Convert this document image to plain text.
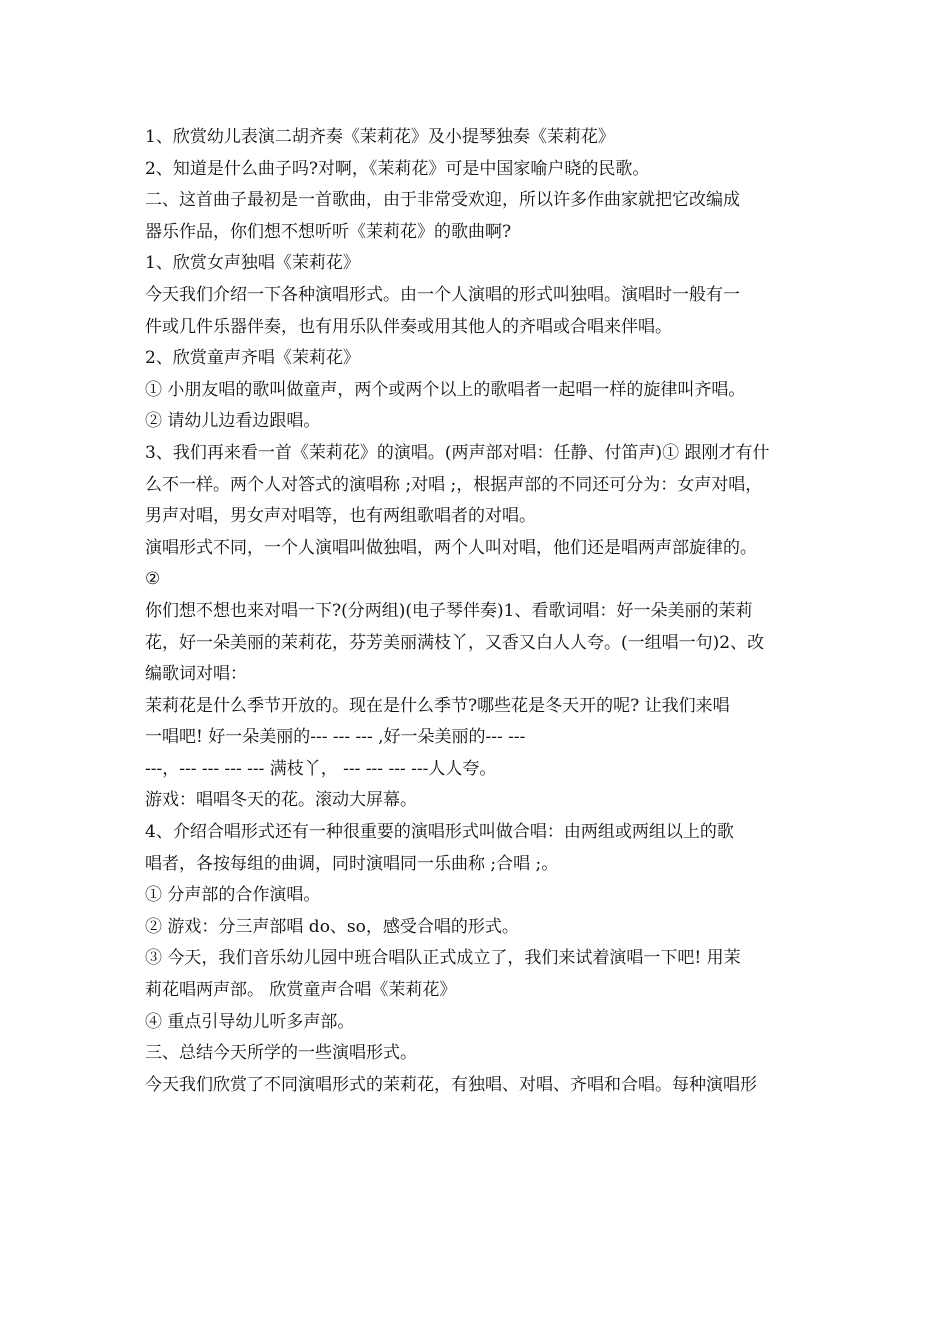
1、欣赏幼儿表演二胡齐奏《茉莉花》及小提琴独奏《茉莉花》
2、知道是什么曲子吗?对啊，《茉莉花》可是中国家喻户晓的民歌。
二、这首曲子最初是一首歌曲，由于非常受欢迎，所以许多作曲家就把它改编成
器乐作品，你们想不想听听《茉莉花》的歌曲啊?
1、欣赏女声独唱《茉莉花》
今天我们介绍一下各种演唱形式。由一个人演唱的形式叫独唱。演唱时一般有一
件或几件乐器伴奏，也有用乐队伴奏或用其他人的齐唱或合唱来伴唱。
2、欣赏童声齐唱《茉莉花》
① 小朋友唱的歌叫做童声，两个或两个以上的歌唱者一起唱一样的旋律叫齐唱。
② 请幼儿边看边跟唱。
3、我们再来看一首《茉莉花》的演唱。(两声部对唱：任静、付笛声)① 跟刚才有什
么不一样。两个人对答式的演唱称 ;对唱 ;，根据声部的不同还可分为：女声对唱，
男声对唱，男女声对唱等，也有两组歌唱者的对唱。
演唱形式不同，一个人演唱叫做独唱，两个人叫对唱，他们还是唱两声部旋律的。
②
你们想不想也来对唱一下?(分两组)(电子琴伴奏)1、看歌词唱：好一朵美丽的茉莉
花，好一朵美丽的茉莉花，芬芳美丽满枝丫，又香又白人人夸。(一组唱一句)2、改
编歌词对唱：
茉莉花是什么季节开放的。现在是什么季节?哪些花是冬天开的呢? 让我们来唱
一唱吧! 好一朵美丽的--- --- --- ,好一朵美丽的--- ---
---，--- --- --- --- 满枝丫， --- --- --- ---人人夸。
游戏：唱唱冬天的花。滚动大屏幕。
4、介绍合唱形式还有一种很重要的演唱形式叫做合唱：由两组或两组以上的歌
唱者，各按每组的曲调，同时演唱同一乐曲称 ;合唱 ;。
① 分声部的合作演唱。
② 游戏：分三声部唱 do、so，感受合唱的形式。
③ 今天，我们音乐幼儿园中班合唱队正式成立了，我们来试着演唱一下吧! 用茉
莉花唱两声部。 欣赏童声合唱《茉莉花》
④ 重点引导幼儿听多声部。
三、总结今天所学的一些演唱形式。
今天我们欣赏了不同演唱形式的茉莉花，有独唱、对唱、齐唱和合唱。每种演唱形
